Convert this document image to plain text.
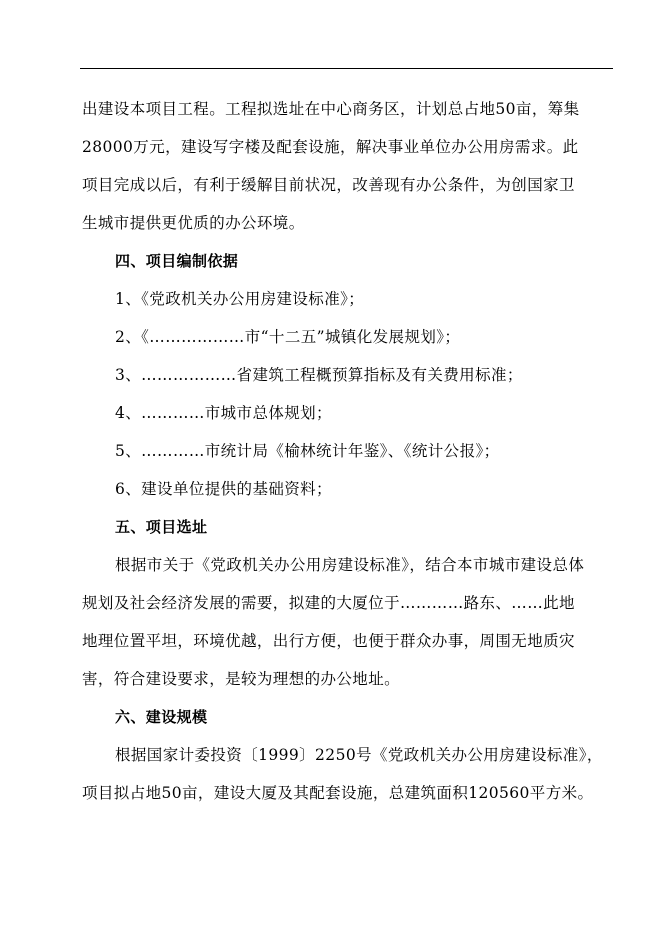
出建设本项目工程。工程拟选址在中心商务区，计划总占地50亩，筹集
28000万元，建设写字楼及配套设施，解决事业单位办公用房需求。此
项目完成以后，有利于缓解目前状况，改善现有办公条件，为创国家卫
生城市提供更优质的办公环境。
四、项目编制依据
1、《党政机关办公用房建设标准》；
2、《………………市“十二五”城镇化发展规划》；
3、………………省建筑工程概预算指标及有关费用标准；
4、…………市城市总体规划；
5、…………市统计局《榆林统计年鉴》、《统计公报》；
6、建设单位提供的基础资料；
五、项目选址
根据市关于《党政机关办公用房建设标准》，结合本市城市建设总体
规划及社会经济发展的需要，拟建的大厦位于…………路东、……此地
地理位置平坦，环境优越，出行方便，也便于群众办事，周围无地质灾
害，符合建设要求，是较为理想的办公地址。
六、建设规模
根据国家计委投资〔1999〕2250号《党政机关办公用房建设标准》，
项目拟占地50亩，建设大厦及其配套设施，总建筑面积120560平方米。
